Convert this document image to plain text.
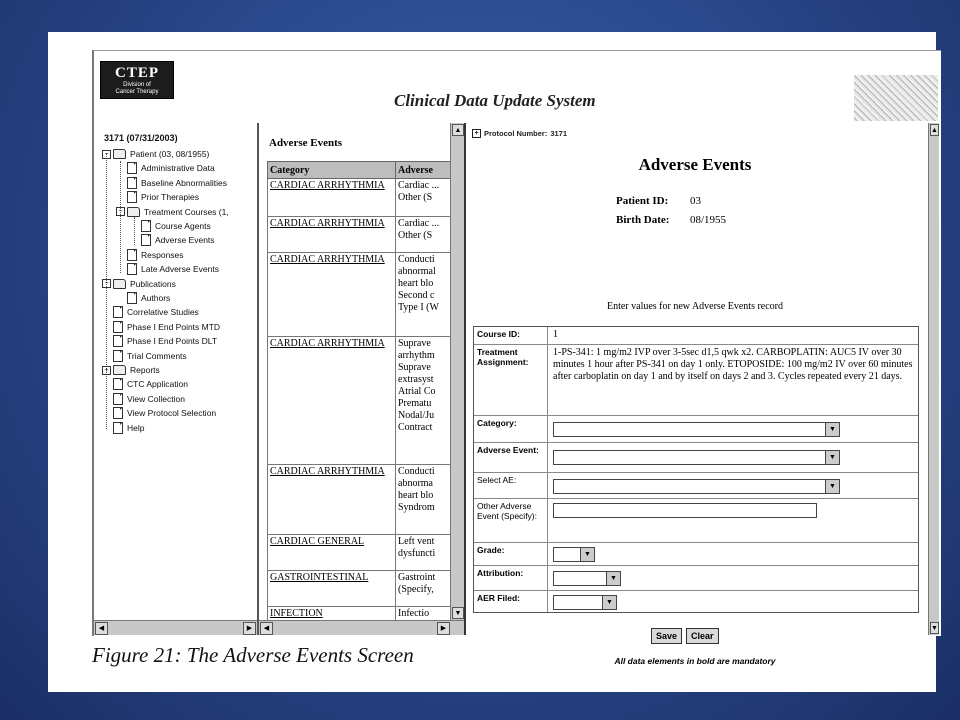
CTEP
Division of
Cancer Therapy	Clinical Data Update System
3171 (07/31/2003)
−	Patient (03, 08/1955)
Administrative Data
Baseline Abnormalities
Prior Therapies
−	Treatment Courses (1,
Course Agents
Adverse Events
Responses
Late Adverse Events
−	Publications
Authors
Correlative Studies
Phase I End Points MTD
Phase I End Points DLT
Trial Comments
+	Reports
CTC Application
View Collection
View Protocol Selection
Help
◀	▶
Adverse Events
Category	Adverse
CARDIAC ARRHYTHMIA	Cardiac ... Other (S
CARDIAC ARRHYTHMIA	Cardiac ... Other (S
CARDIAC ARRHYTHMIA	Conducti abnormal heart blo Second c Type I (W
CARDIAC ARRHYTHMIA	Suprave arrhythm Suprave extrasyst Atrial Co Prematu Nodal/Ju Contract
CARDIAC ARRHYTHMIA	Conducti abnorma heart blo Syndrom
CARDIAC GENERAL	Left vent dysfuncti
GASTROINTESTINAL	Gastroint (Specify,
INFECTION	Infectio
▲
▼
◀	▶
+ Protocol Number: 3171
Adverse Events
Patient ID: 03
Birth Date: 08/1955
Enter values for new Adverse Events record
Course ID:	1
Treatment Assignment:
1-PS-341: 1 mg/m2 IVP over 3-5sec d1,5 qwk x2. CARBOPLATIN: AUC5 IV over 30 minutes 1 hour after PS-341 on day 1 only. ETOPOSIDE: 100 mg/m2 IV over 60 minutes after carboplatin on day 1 and by itself on days 2 and 3. Cycles repeated every 21 days.
Category:
▼
Adverse Event:
▼
Select AE:
▼
Other Adverse Event (Specify):
Grade:	▼
Attribution:	▼
AER Filed:	▼
Save	Clear
All data elements in bold are mandatory
▲
▼
Figure 21: The Adverse Events Screen
